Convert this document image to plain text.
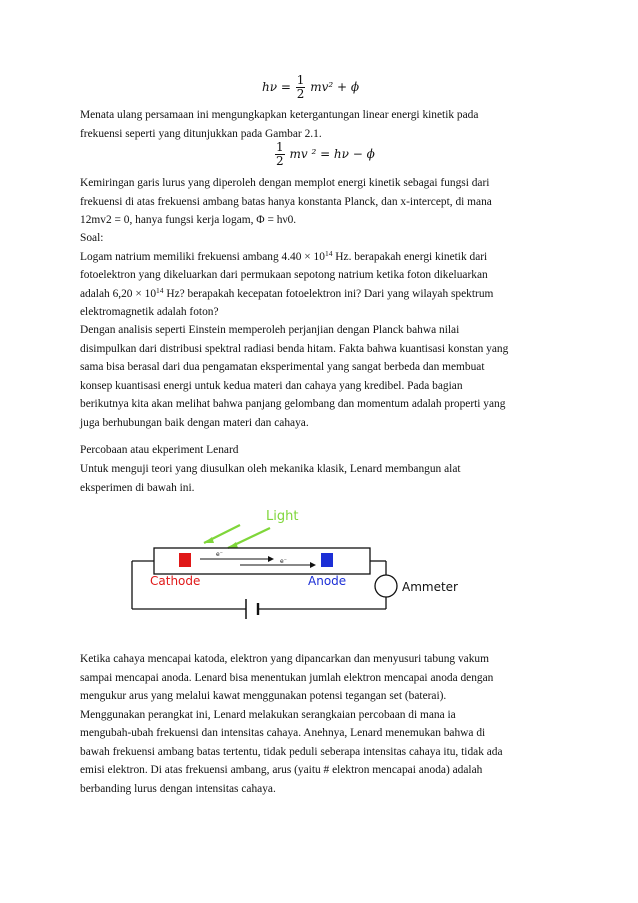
$h\nu = \frac{1}{2} mv^2 + \phi$
Menata ulang persamaan ini mengungkapkan ketergantungan linear energi kinetik pada
frekuensi seperti yang ditunjukkan pada Gambar 2.1.
$\frac{1}{2}$ mv ² = hν − ϕ
Kemiringan garis lurus yang diperoleh dengan memplot energi kinetik sebagai fungsi dari
frekuensi di atas frekuensi ambang batas hanya konstanta Planck, dan x-intercept, di mana
12mv2 = 0, hanya fungsi kerja logam, Φ = hν0.
Soal:
Logam natrium memiliki frekuensi ambang $4.40 \times 10^{14}$ Hz. berapakah energi kinetik dari
fotoelektron yang dikeluarkan dari permukaan sepotong natrium ketika foton dikeluarkan
adalah $6,20 \times 10^{14}$ Hz? berapakah kecepatan fotoelektron ini? Dari yang wilayah spektrum
elektromagnetik adalah foton?
Dengan analisis seperti Einstein memperoleh perjanjian dengan Planck bahwa nilai
disimpulkan dari distribusi spektral radiasi benda hitam. Fakta bahwa kuantisasi konstan yang
sama bisa berasal dari dua pengamatan eksperimental yang sangat berbeda dan membuat
konsep kuantisasi energi untuk kedua materi dan cahaya yang kredibel. Pada bagian
berikutnya kita akan melihat bahwa panjang gelombang dan momentum adalah properti yang
juga berhubungan baik dengan materi dan cahaya.
Percobaan atau ekperiment Lenard
Untuk menguji teori yang diusulkan oleh mekanika klasik, Lenard membangun alat
eksperimen di bawah ini.
Light
e⁻
e⁻
Cathode	Anode	Ammeter
Ketika cahaya mencapai katoda, elektron yang dipancarkan dan menyusuri tabung vakum
sampai mencapai anoda. Lenard bisa menentukan jumlah elektron mencapai anoda dengan
mengukur arus yang melalui kawat menggunakan potensi tegangan set (baterai).
Menggunakan perangkat ini, Lenard melakukan serangkaian percobaan di mana ia
mengubah-ubah frekuensi dan intensitas cahaya. Anehnya, Lenard menemukan bahwa di
bawah frekuensi ambang batas tertentu, tidak peduli seberapa intensitas cahaya itu, tidak ada
emisi elektron. Di atas frekuensi ambang, arus (yaitu # elektron mencapai anoda) adalah
berbanding lurus dengan intensitas cahaya.
